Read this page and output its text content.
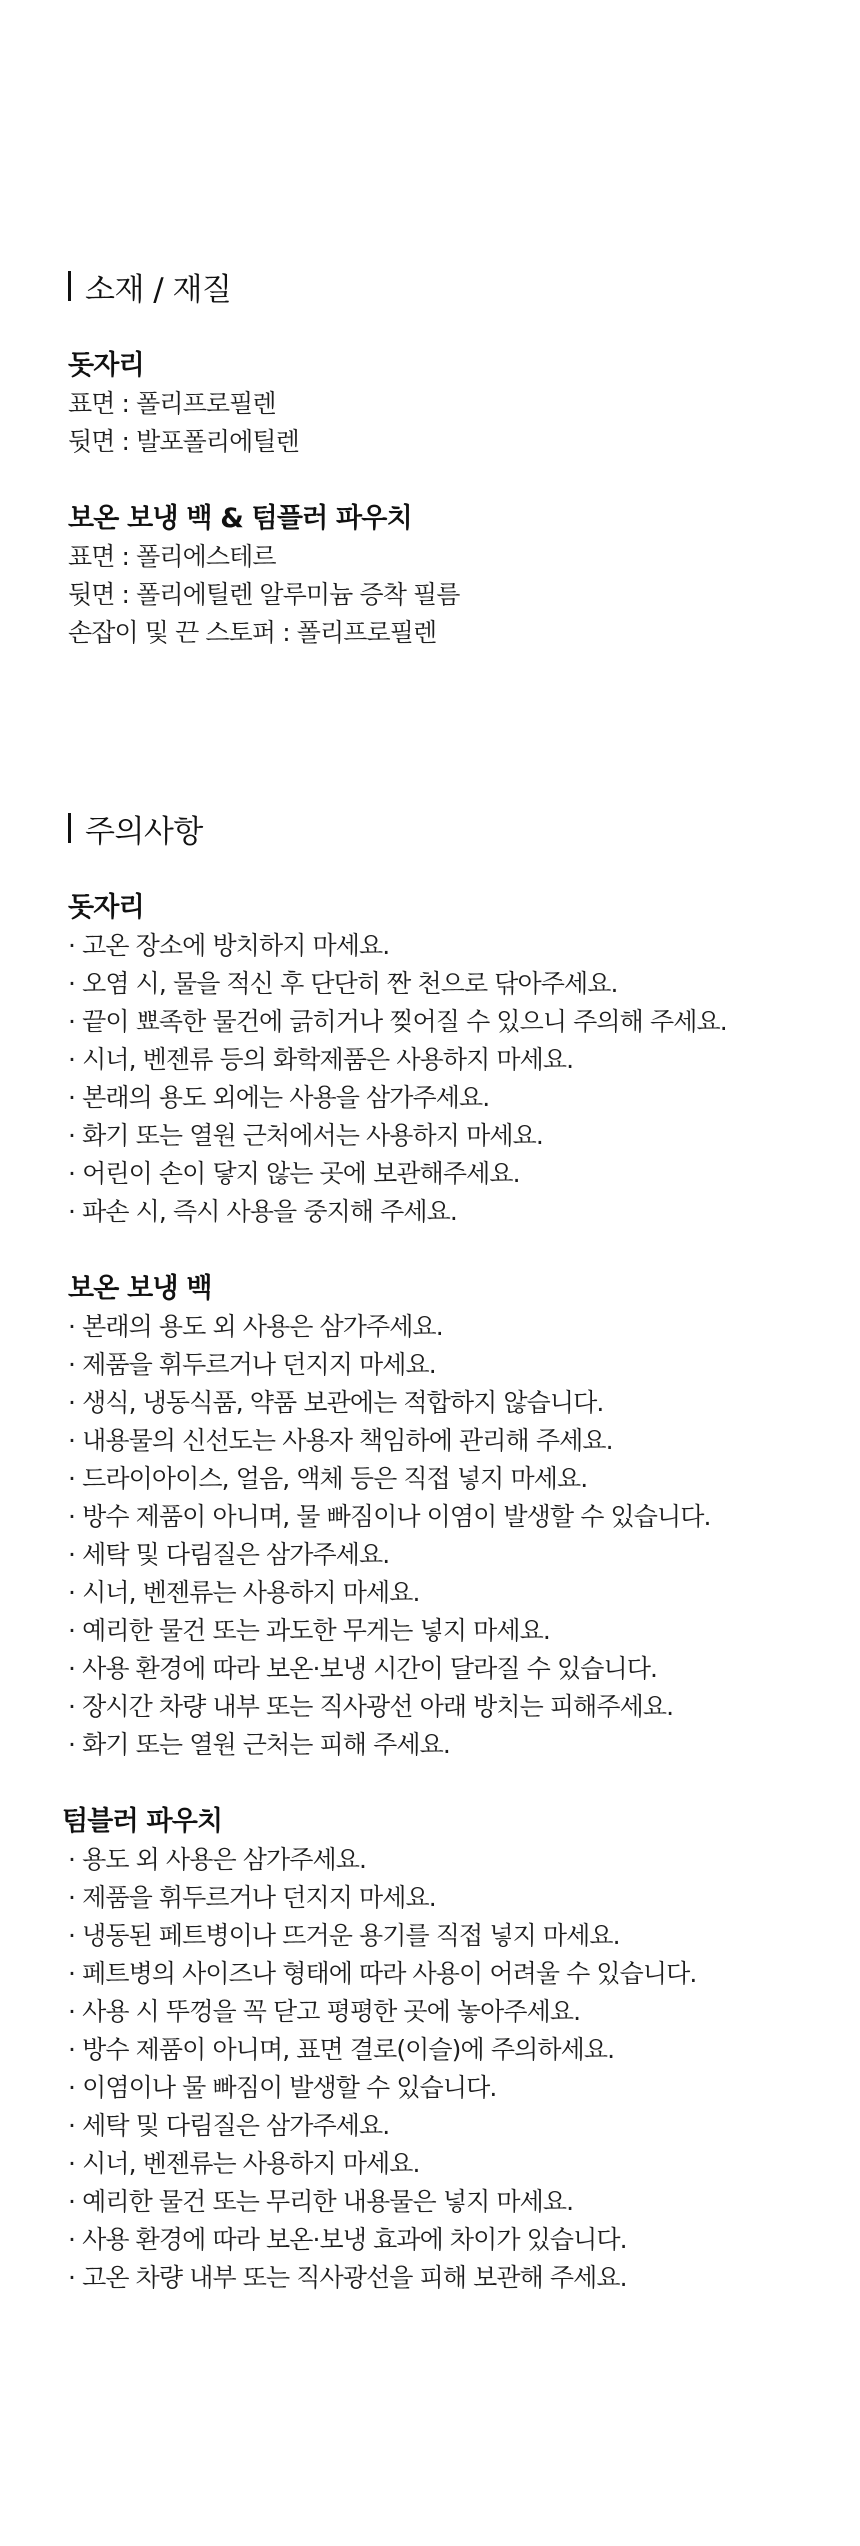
소재 / 재질
돗자리

표면 : 폴리프로필렌

뒷면 : 발포폴리에틸렌

보온 보냉 백 & 텀플러 파우치

표면 : 폴리에스테르

뒷면 : 폴리에틸렌 알루미늄 증착 필름

손잡이 및 끈 스토퍼 : 폴리프로필렌

주의사항
돗자리
· 고온 장소에 방치하지 마세요.
· 오염 시, 물을 적신 후 단단히 짠 천으로 닦아주세요.
· 끝이 뾰족한 물건에 긁히거나 찢어질 수 있으니 주의해 주세요.
· 시너, 벤젠류 등의 화학제품은 사용하지 마세요.
· 본래의 용도 외에는 사용을 삼가주세요.
· 화기 또는 열원 근처에서는 사용하지 마세요.
· 어린이 손이 닿지 않는 곳에 보관해주세요.
· 파손 시, 즉시 사용을 중지해 주세요.
보온 보냉 백
· 본래의 용도 외 사용은 삼가주세요.
· 제품을 휘두르거나 던지지 마세요.
· 생식, 냉동식품, 약품 보관에는 적합하지 않습니다.
· 내용물의 신선도는 사용자 책임하에 관리해 주세요.
· 드라이아이스, 얼음, 액체 등은 직접 넣지 마세요.
· 방수 제품이 아니며, 물 빠짐이나 이염이 발생할 수 있습니다.
· 세탁 및 다림질은 삼가주세요.
· 시너, 벤젠류는 사용하지 마세요.
· 예리한 물건 또는 과도한 무게는 넣지 마세요.
· 사용 환경에 따라 보온·보냉 시간이 달라질 수 있습니다.
· 장시간 차량 내부 또는 직사광선 아래 방치는 피해주세요.
· 화기 또는 열원 근처는 피해 주세요.
텀블러 파우치
· 용도 외 사용은 삼가주세요.
· 제품을 휘두르거나 던지지 마세요.
· 냉동된 페트병이나 뜨거운 용기를 직접 넣지 마세요.
· 페트병의 사이즈나 형태에 따라 사용이 어려울 수 있습니다.
· 사용 시 뚜껑을 꼭 닫고 평평한 곳에 놓아주세요.
· 방수 제품이 아니며, 표면 결로(이슬)에 주의하세요.
· 이염이나 물 빠짐이 발생할 수 있습니다.
· 세탁 및 다림질은 삼가주세요.
· 시너, 벤젠류는 사용하지 마세요.
· 예리한 물건 또는 무리한 내용물은 넣지 마세요.
· 사용 환경에 따라 보온·보냉 효과에 차이가 있습니다.
· 고온 차량 내부 또는 직사광선을 피해 보관해 주세요.
